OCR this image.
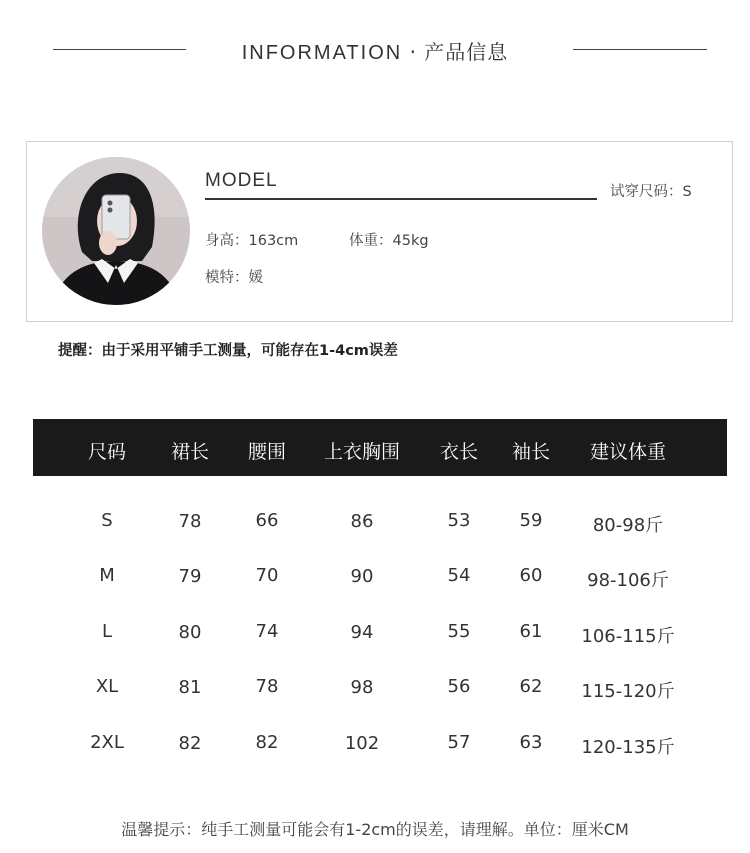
INFORMATION · 产品信息
MODEL
试穿尺码：S
身高：163cm	体重：45kg
模特：媛
提醒：由于采用平铺手工测量，可能存在1-4cm误差
尺码 裙长 腰围 上衣胸围 衣长 袖长 建议体重
S	78	66	86	53	59	80-98斤
M	79	70	90	54	60 98-106斤
L	80	74	94	55	61 106-115斤
XL	81	78	98	56	62 115-120斤
2XL	82	82	102	57	63 120-135斤
温馨提示：纯手工测量可能会有1-2cm的误差，请理解。单位：厘米CM
